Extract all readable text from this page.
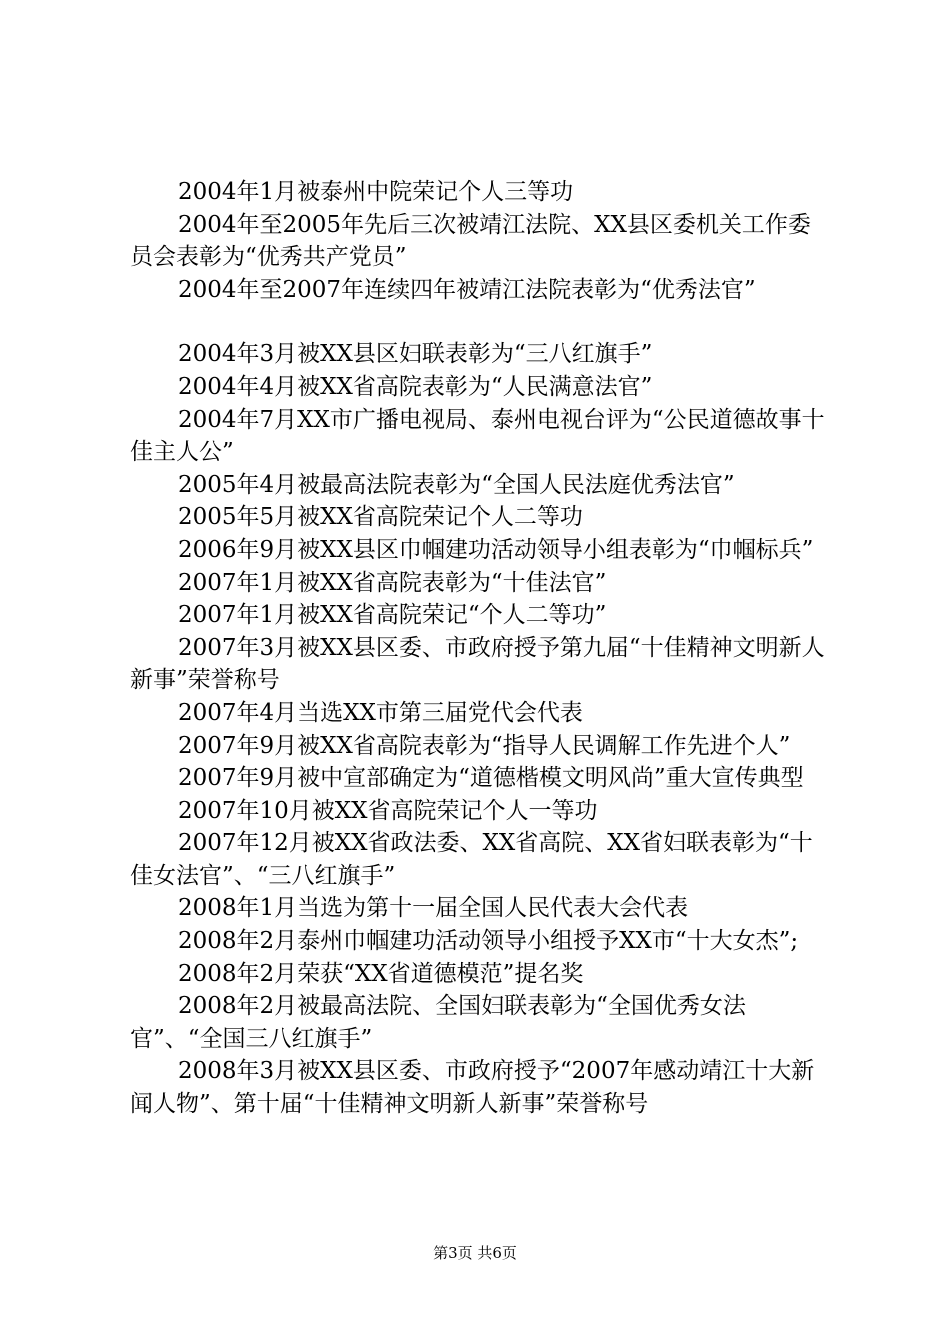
2004年1月被泰州中院荣记个人三等功

2004年至2005年先后三次被靖江法院、XX县区委机关工作委员会表彰为“优秀共产党员”

2004年至2007年连续四年被靖江法院表彰为“优秀法官”

2004年3月被XX县区妇联表彰为“三八红旗手”

2004年4月被XX省高院表彰为“人民满意法官”

2004年7月XX市广播电视局、泰州电视台评为“公民道德故事十佳主人公”

2005年4月被最高法院表彰为“全国人民法庭优秀法官”

2005年5月被XX省高院荣记个人二等功

2006年9月被XX县区巾帼建功活动领导小组表彰为“巾帼标兵”

2007年1月被XX省高院表彰为“十佳法官”

2007年1月被XX省高院荣记“个人二等功”

2007年3月被XX县区委、市政府授予第九届“十佳精神文明新人新事”荣誉称号

2007年4月当选XX市第三届党代会代表

2007年9月被XX省高院表彰为“指导人民调解工作先进个人”

2007年9月被中宣部确定为“道德楷模文明风尚”重大宣传典型

2007年10月被XX省高院荣记个人一等功

2007年12月被XX省政法委、XX省高院、XX省妇联表彰为“十佳女法官”、“三八红旗手”

2008年1月当选为第十一届全国人民代表大会代表

2008年2月泰州巾帼建功活动领导小组授予XX市“十大女杰”;

2008年2月荣获“XX省道德模范”提名奖

2008年2月被最高法院、全国妇联表彰为“全国优秀女法官”、“全国三八红旗手”

2008年3月被XX县区委、市政府授予“2007年感动靖江十大新闻人物”、第十届“十佳精神文明新人新事”荣誉称号

第3页 共6页
